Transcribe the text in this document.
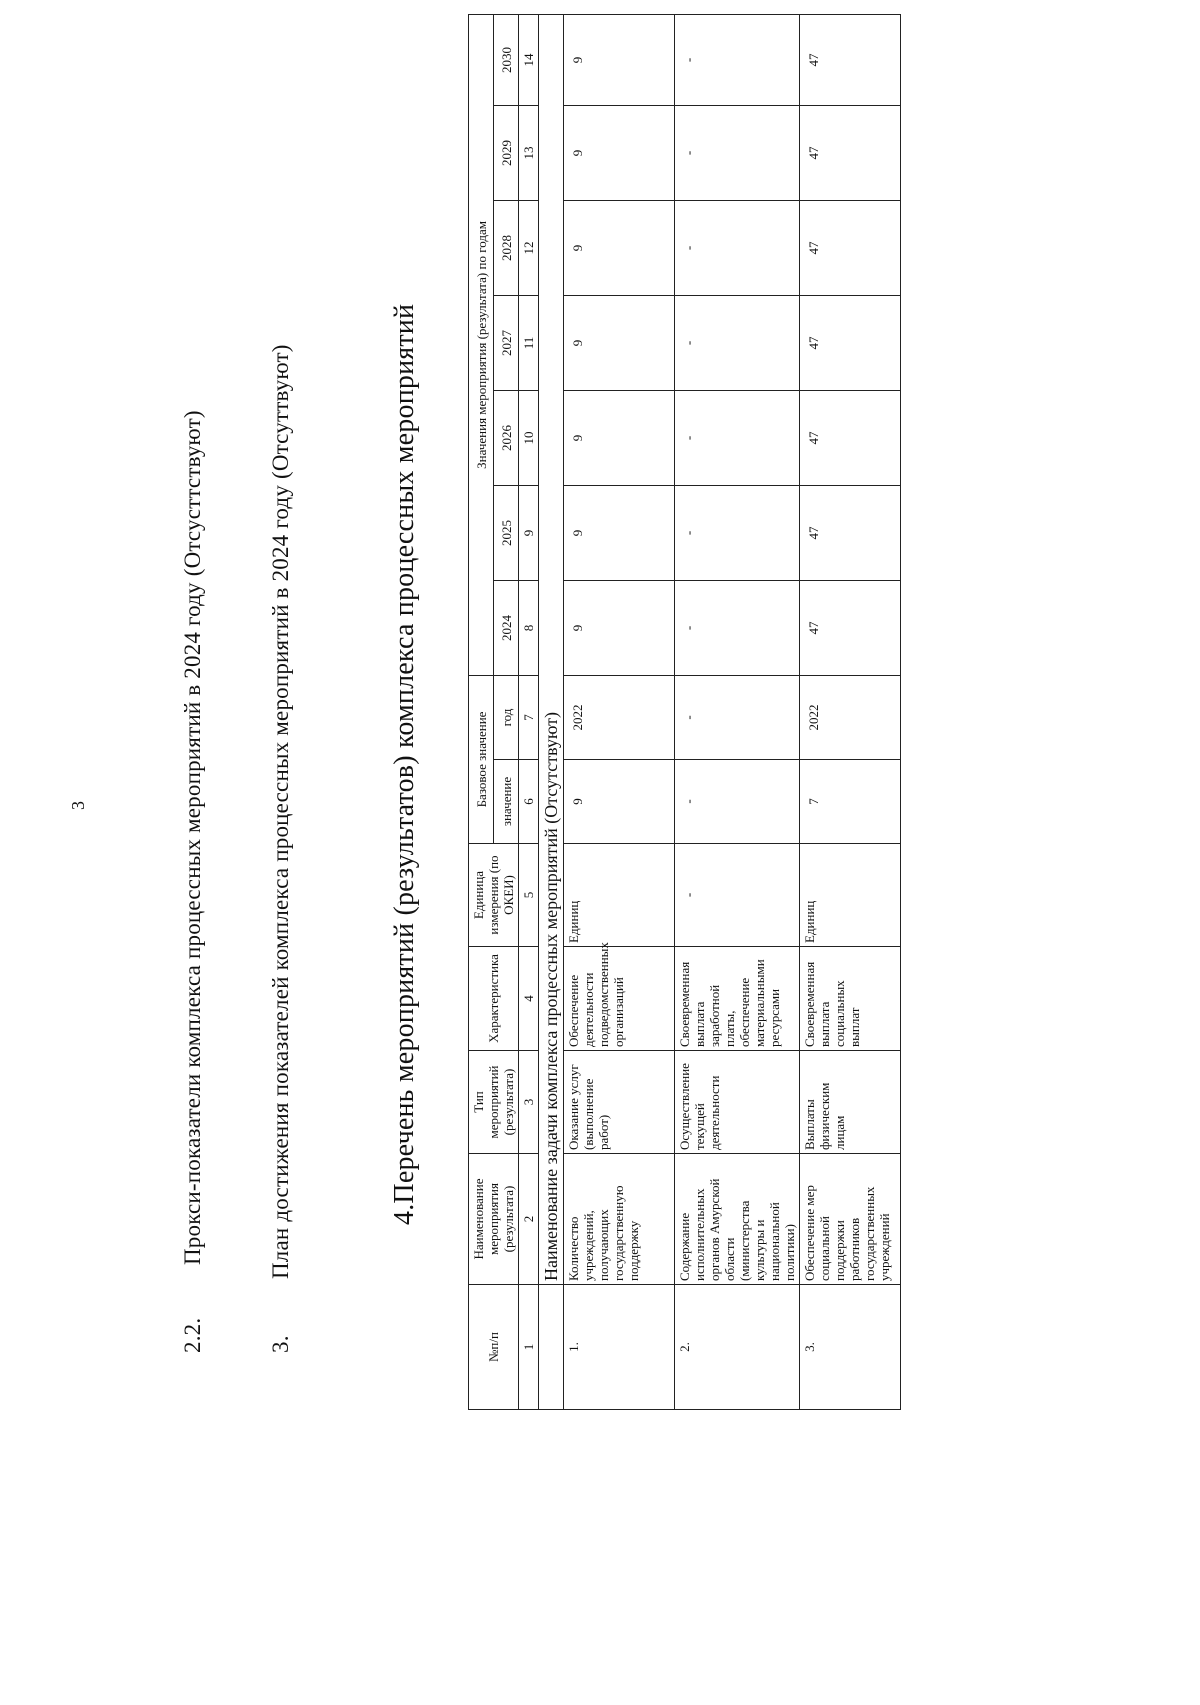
3
2.2.Прокси-показатели комплекса процессных мероприятий в 2024 году (Отсусттствуют)
3.План достижения показателей комплекса процессных мероприятий в 2024 году (Отсуттвуют)	4.Перечень мероприятий (результатов) комплекса процессных мероприятий
№п/п	Наименование мероприятия (результата)	Тип мероприятий (результата)	Характеристика	Единица измерения (по ОКЕИ)	Базовое значение		Значения мероприятия (результата) по годам						
					значение	год	2024	2025	2026	2027	2028	2029	2030
1	2	3	4	5	6	7	8	9	10	11	12	13	14
	Наименование задачи комплекса процессных мероприятий (Отсутствуют)												
1.	Количество учреждений, получающих государственную поддержку	Оказание услуг (выполнение работ)	Обеспечение деятельности подведомственных организаций	Единиц	9	2022	9	9	9	9	9	9	9
2.	Содержание исполнительных органов Амурской области (министерства культуры и национальной политики)	Осуществление текущей деятельности	Своевременная выплата заработной платы, обеспечение материальными ресурсами	-	-	-	-	-	-	-	-	-	-
3.	Обеспечение мер социальной поддержки работников государственных учреждений	Выплаты физическим лицам	Своевременная выплата социальных выплат	Единиц	7	2022	47	47	47	47	47	47	47
